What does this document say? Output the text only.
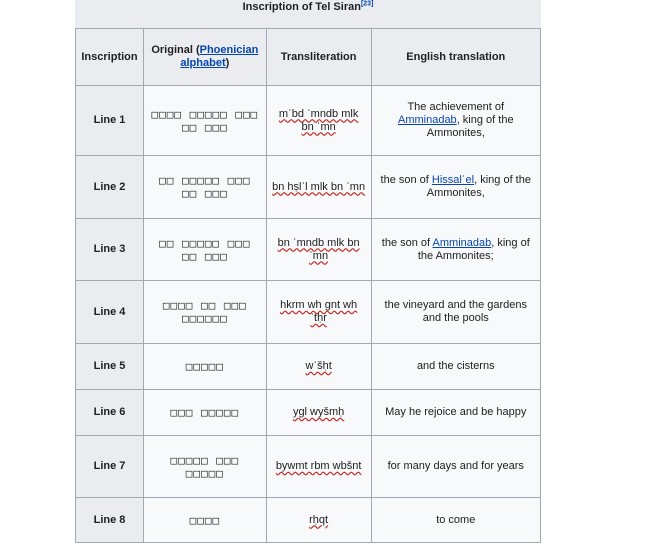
Inscription of Tel Siran[23]
Inscription	Original (Phoenician alphabet)	Transliteration	English translation
Line 1	□□□□ □□□□□ □□□ □□ □□□	mʿbd ʿmndb mlk bn ʿmn	The achievement of Amminadab, king of the Ammonites,
Line 2	□□ □□□□□ □□□ □□ □□□	bn hṣlʾl mlk bn ʿmn	the son of Hissalʾel, king of the Ammonites,
Line 3	□□ □□□□□ □□□ □□ □□□	bn ʿmndb mlk bn ʿmn	the son of Amminadab, king of the Ammonites;
Line 4	□□□□ □□ □□□ □□□□□□	hkrm wh gnt wh ʾtḥr	the vineyard and the gardens and the pools
Line 5	□□□□□	wʾšḥt	and the cisterns
Line 6	□□□ □□□□□	ygl wyšmḥ	May he rejoice and be happy
Line 7	□□□□□ □□□ □□□□□	bywmt rbm wbšnt	for many days and for years
Line 8	□□□□	rḥqt	to come
